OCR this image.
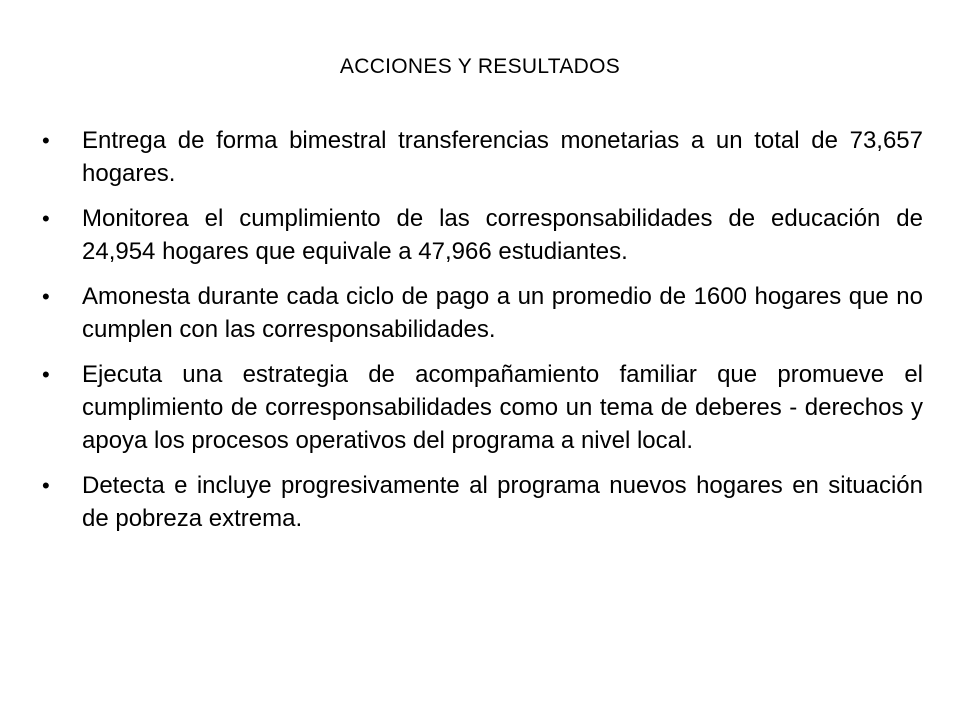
ACCIONES Y RESULTADOS
•	Entrega de forma bimestral transferencias monetarias a un total de 73,657 hogares.
•	Monitorea el cumplimiento de las corresponsabilidades de educación de 24,954 hogares que equivale a 47,966 estudiantes.
•	Amonesta durante cada ciclo de pago a un promedio de 1600 hogares que no cumplen con las corresponsabilidades.
•	Ejecuta una estrategia de acompañamiento familiar que promueve el cumplimiento de corresponsabilidades como un tema de deberes - derechos y apoya los procesos operativos del programa a nivel local.
•	Detecta e incluye progresivamente al programa nuevos hogares en situación de pobreza extrema.
